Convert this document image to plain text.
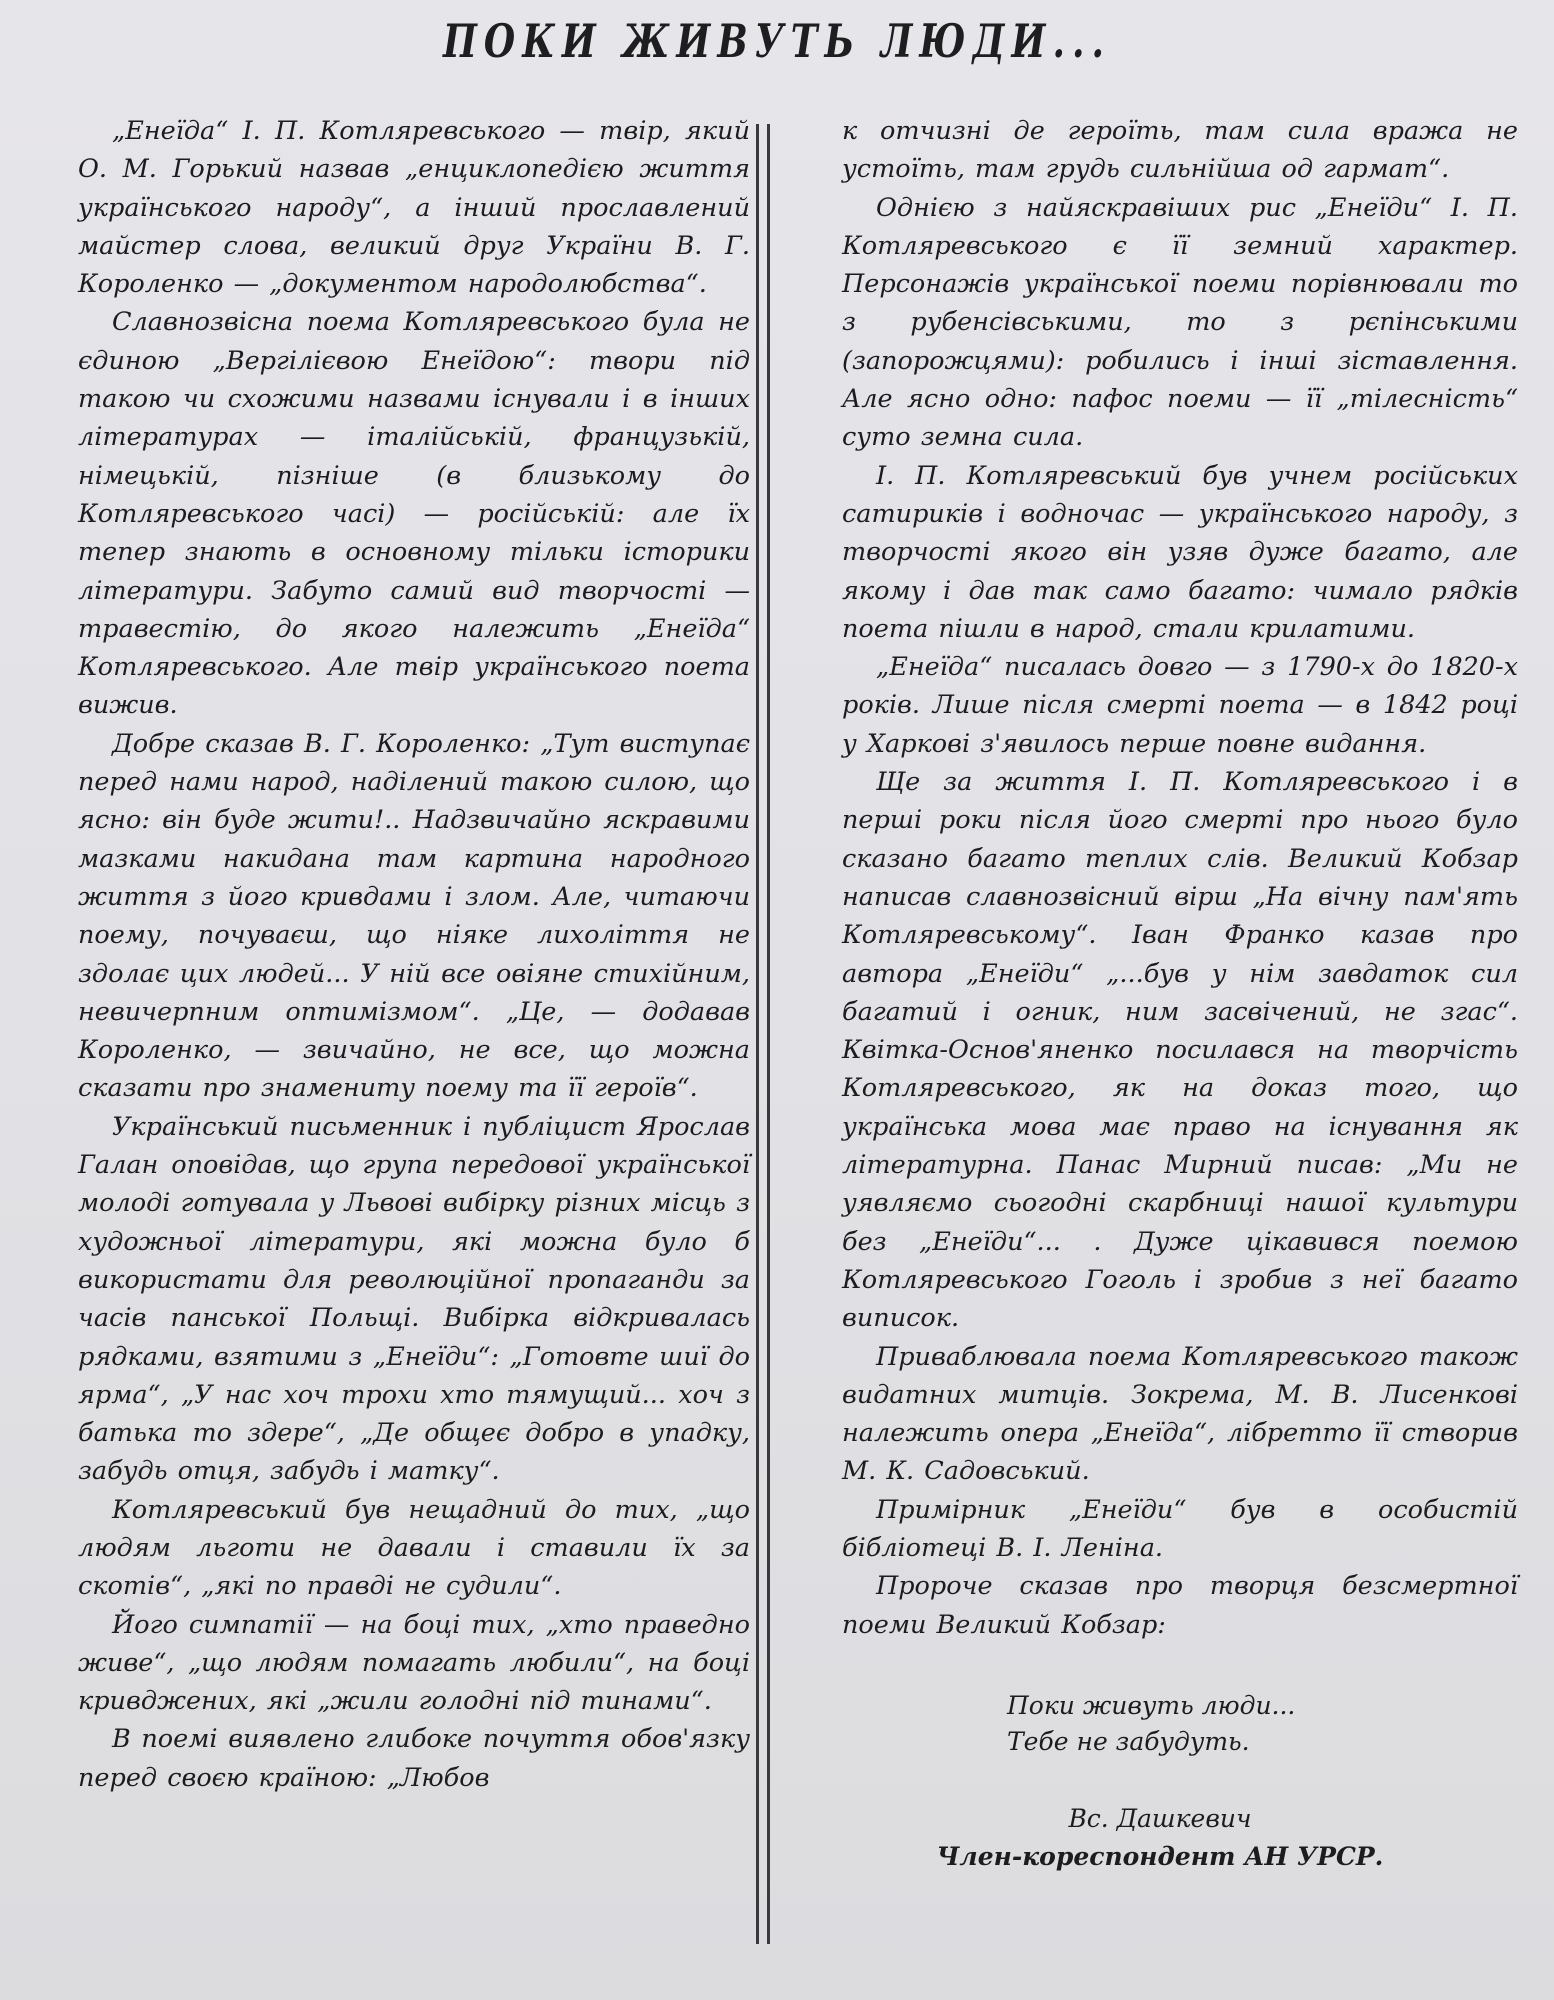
ПОКИ ЖИВУТЬ ЛЮДИ...

„Енеїда“ І. П. Котляревського — твір, який О. М. Горький назвав „енциклопедією життя українського народу“, а інший прославлений майстер слова, великий друг України В. Г. Короленко — „документом народолюбства“.

Славнозвісна поема Котляревського була не єдиною „Вергілієвою Енеїдою“: твори під такою чи схожими назвами існували і в інших літературах — італійській, французькій, німецькій, пізніше (в близькому до Котляревського часі) — російській: але їх тепер знають в основному тільки історики літератури. Забуто самий вид творчості — травестію, до якого належить „Енеїда“ Котляревського. Але твір українського поета вижив.

Добре сказав В. Г. Короленко: „Тут виступає перед нами народ, наділений такою силою, що ясно: він буде жити!.. Надзвичайно яскравими мазками накидана там картина народного життя з його кривдами і злом. Але, читаючи поему, почуваєш, що ніяке лихоліття не здолає цих людей... У ній все овіяне стихійним, невичерпним оптимізмом“. „Це, — додавав Короленко, — звичайно, не все, що можна сказати про знамениту поему та її героїв“.

Український письменник і публіцист Ярослав Галан оповідав, що група передової української молоді готувала у Львові вибірку різних місць з художньої літератури, які можна було б використати для революційної пропаганди за часів панської Польщі. Вибірка відкривалась рядками, взятими з „Енеїди“: „Готовте шиї до ярма“, „У нас хоч трохи хто тямущий... хоч з батька то здере“, „Де общеє добро в упадку, забудь отця, забудь і матку“.

Котляревський був нещадний до тих, „що людям льготи не давали і ставили їх за скотів“, „які по правді не судили“.

Його симпатії — на боці тих, „хто праведно живе“, „що людям помагать любили“, на боці кривджених, які „жили голодні під тинами“.

В поемі виявлено глибоке почуття обов'язку перед своєю країною: „Любов

к отчизні де героїть, там сила вража не устоїть, там грудь сильнійша од гармат“.

Однією з найяскравіших рис „Енеїди“ І. П. Котляревського є її земний характер. Персонажів української поеми порівнювали то з рубенсівськими, то з рєпінськими (запорожцями): робились і інші зіставлення. Але ясно одно: пафос поеми — її „тілесність“ суто земна сила.

І. П. Котляревський був учнем російських сатириків і водночас — українського народу, з творчості якого він узяв дуже багато, але якому і дав так само багато: чимало рядків поета пішли в народ, стали крилатими.

„Енеїда“ писалась довго — з 1790-х до 1820-х років. Лише після смерті поета — в 1842 році у Харкові з'явилось перше повне видання.

Ще за життя І. П. Котляревського і в перші роки після його смерті про нього було сказано багато теплих слів. Великий Кобзар написав славнозвісний вірш „На вічну пам'ять Котляревському“. Іван Франко казав про автора „Енеїди“ „...був у нім завдаток сил багатий і огник, ним засвічений, не згас“. Квітка-Основ'яненко посилався на творчість Котляревського, як на доказ того, що українська мова має право на існування як літературна. Панас Мирний писав: „Ми не уявляємо сьогодні скарбниці нашої культури без „Енеїди“... . Дуже цікавився поемою Котляревського Гоголь і зробив з неї багато виписок.

Приваблювала поема Котляревського також видатних митців. Зокрема, М. В. Лисенкові належить опера „Енеїда“, лібретто її створив М. К. Садовський.

Примірник „Енеїди“ був в особистій бібліотеці В. І. Леніна.

Пророче сказав про творця безсмертної поеми Великий Кобзар:

Поки живуть люди...
Тебе не забудуть.
Вс. Дашкевич
Член-кореспондент АН УРСР.
